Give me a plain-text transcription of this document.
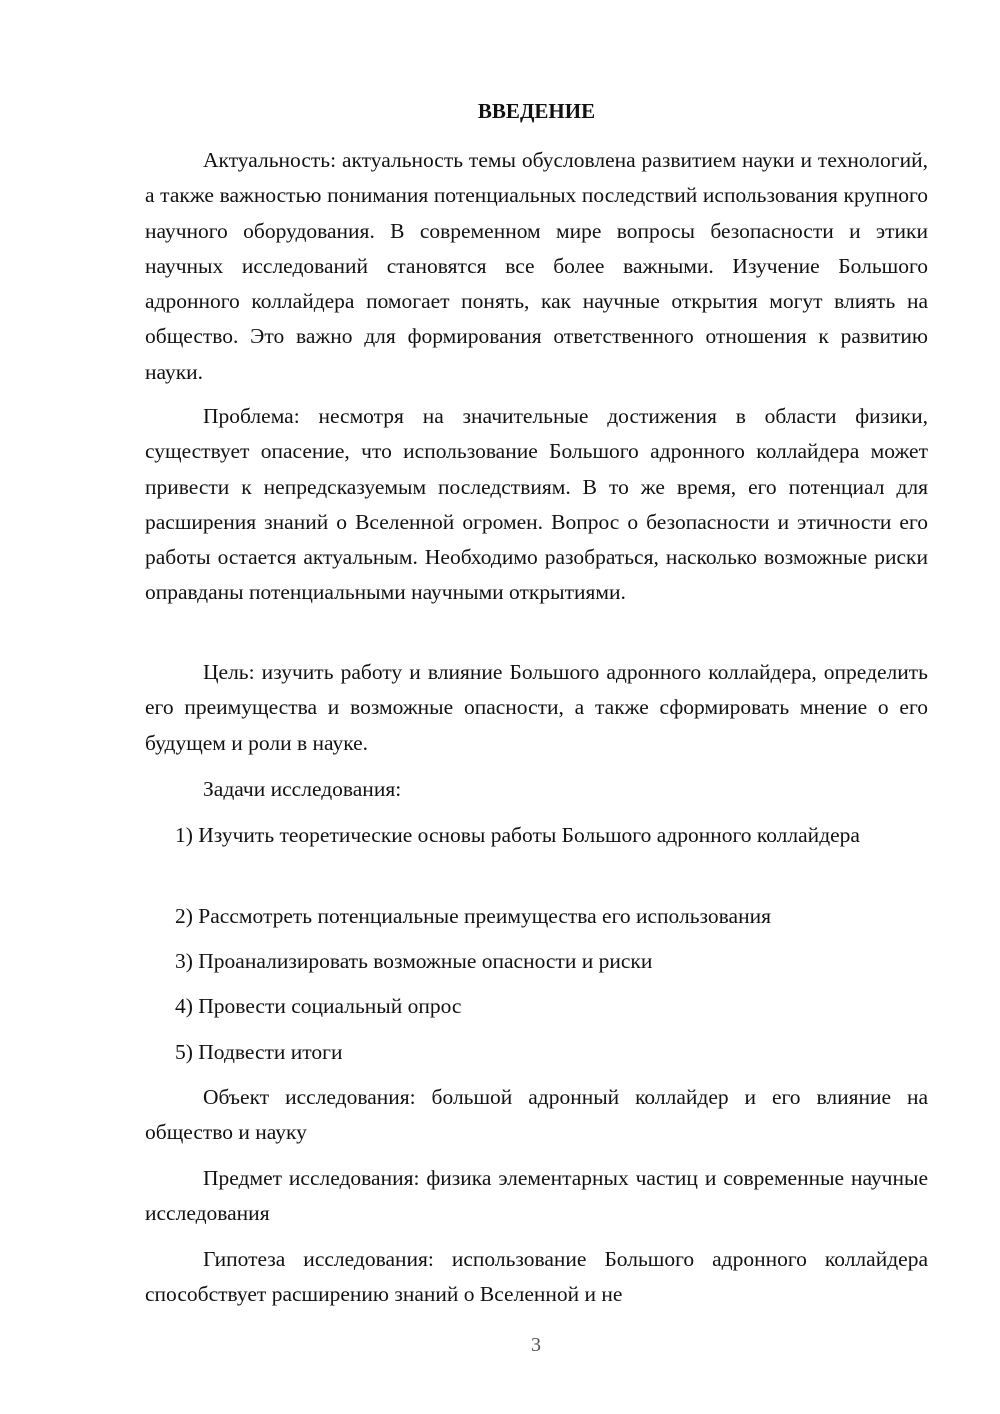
ВВЕДЕНИЕ

Актуальность: актуальность темы обусловлена развитием науки и технологий, а также важностью понимания потенциальных последствий использования крупного научного оборудования. В современном мире вопросы безопасности и этики научных исследований становятся все более важными. Изучение Большого адронного коллайдера помогает понять, как научные открытия могут влиять на общество. Это важно для формирования ответственного отношения к развитию науки.

Проблема: несмотря на значительные достижения в области физики, существует опасение, что использование Большого адронного коллайдера может привести к непредсказуемым последствиям. В то же время, его потенциал для расширения знаний о Вселенной огромен. Вопрос о безопасности и этичности его работы остается актуальным. Необходимо разобраться, насколько возможные риски оправданы потенциальными научными открытиями.

Цель: изучить работу и влияние Большого адронного коллайдера, определить его преимущества и возможные опасности, а также сформировать мнение о его будущем и роли в науке.

Задачи исследования:

1) Изучить теоретические основы работы Большого адронного коллайдера

2) Рассмотреть потенциальные преимущества его использования

3) Проанализировать возможные опасности и риски

4) Провести социальный опрос

5) Подвести итоги

Объект исследования: большой адронный коллайдер и его влияние на общество и науку

Предмет исследования: физика элементарных частиц и современные научные исследования

Гипотеза исследования: использование Большого адронного коллайдера способствует расширению знаний о Вселенной и не

3
